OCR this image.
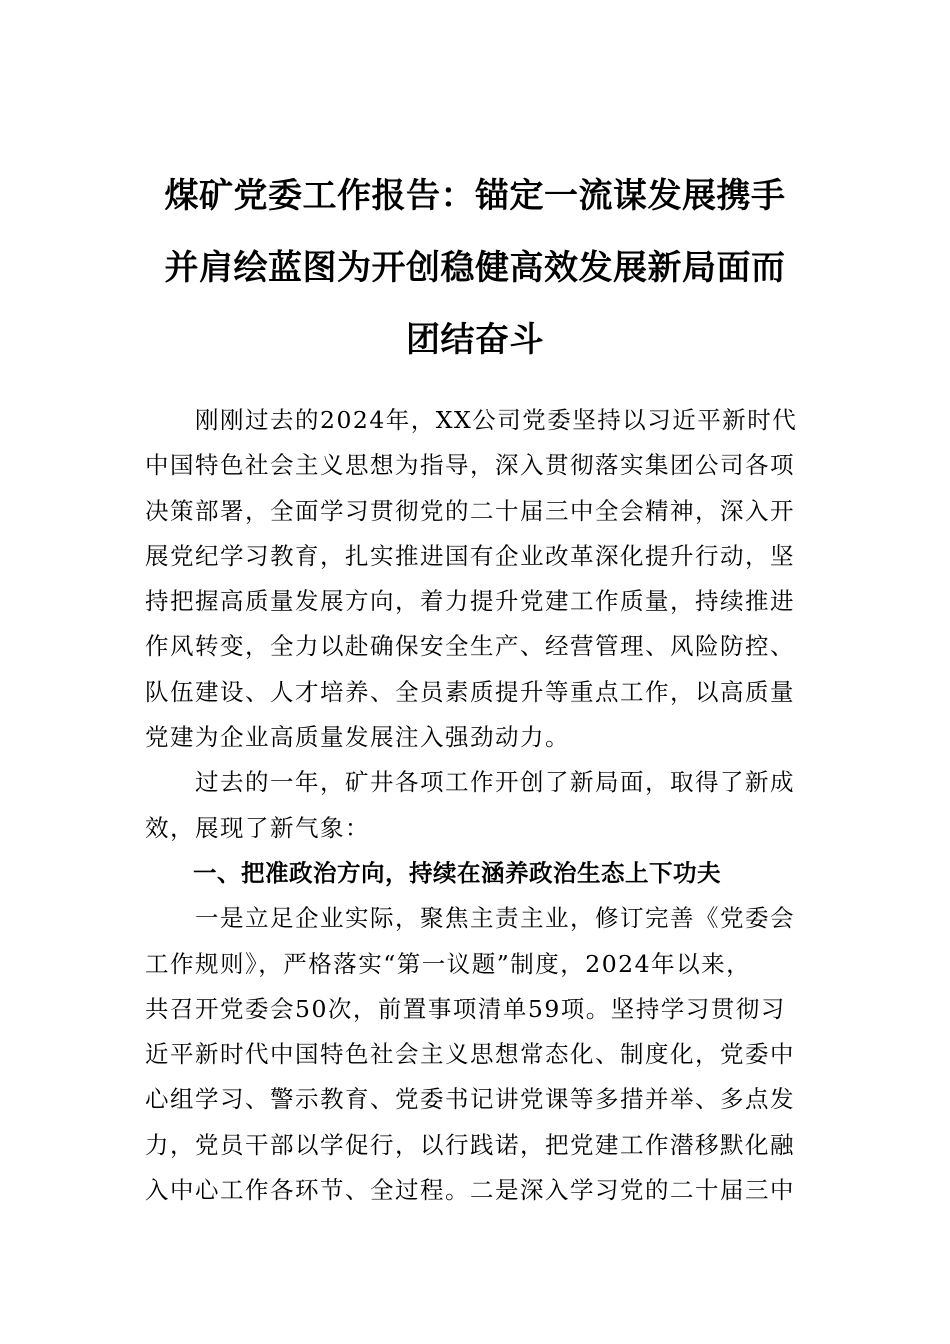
煤矿党委工作报告：锚定一流谋发展携手
并肩绘蓝图为开创稳健高效发展新局面而
团结奋斗
　　刚刚过去的2024年，XX公司党委坚持以习近平新时代
中国特色社会主义思想为指导，深入贯彻落实集团公司各项
决策部署，全面学习贯彻党的二十届三中全会精神，深入开
展党纪学习教育，扎实推进国有企业改革深化提升行动，坚
持把握高质量发展方向，着力提升党建工作质量，持续推进
作风转变，全力以赴确保安全生产、经营管理、风险防控、
队伍建设、人才培养、全员素质提升等重点工作，以高质量
党建为企业高质量发展注入强劲动力。
　　过去的一年，矿井各项工作开创了新局面，取得了新成
效，展现了新气象：
　　一、把准政治方向，持续在涵养政治生态上下功夫
　　一是立足企业实际，聚焦主责主业，修订完善《党委会
工作规则》，严格落实“第一议题”制度，2024年以来，
共召开党委会50次，前置事项清单59项。坚持学习贯彻习
近平新时代中国特色社会主义思想常态化、制度化，党委中
心组学习、警示教育、党委书记讲党课等多措并举、多点发
力，党员干部以学促行，以行践诺，把党建工作潜移默化融
入中心工作各环节、全过程。二是深入学习党的二十届三中
